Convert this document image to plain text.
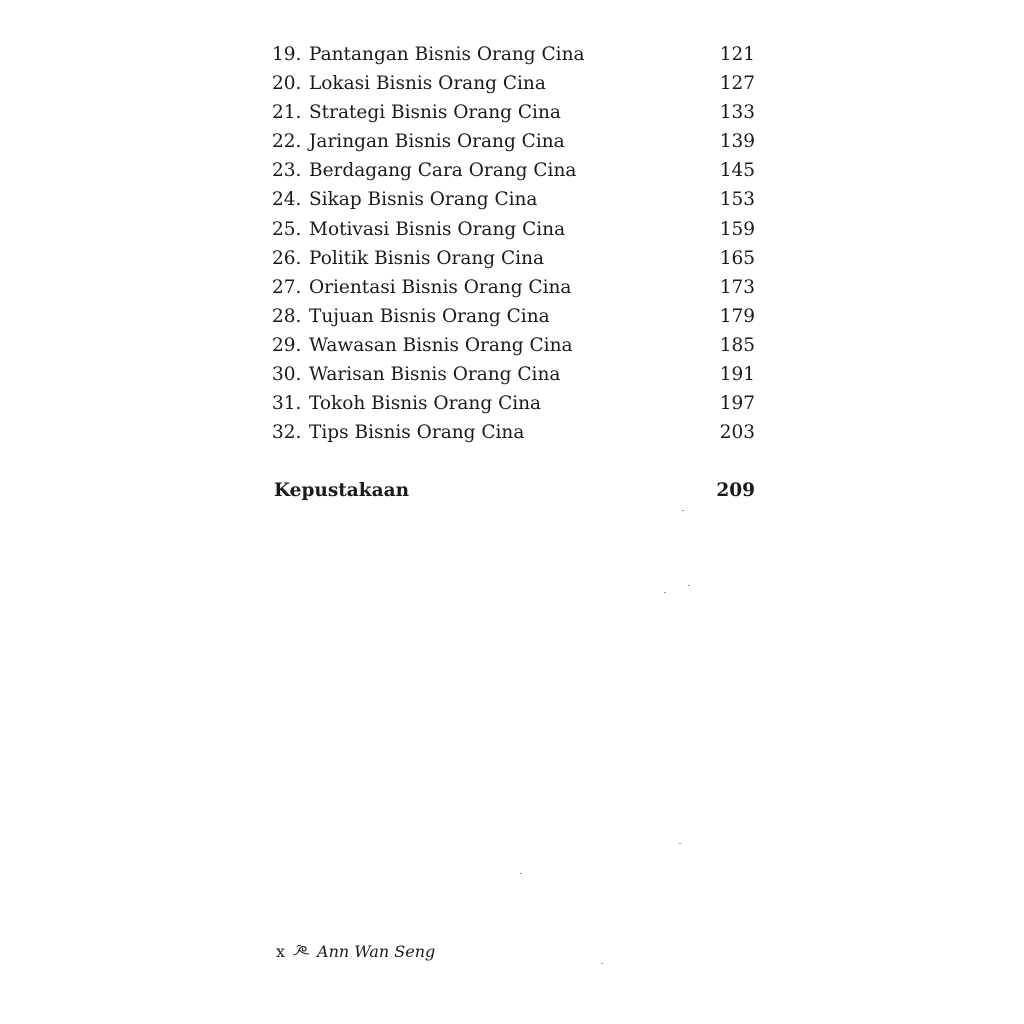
19. Pantangan Bisnis Orang Cina	121
20. Lokasi Bisnis Orang Cina	127
21. Strategi Bisnis Orang Cina	133
22. Jaringan Bisnis Orang Cina	139
23. Berdagang Cara Orang Cina	145
24. Sikap Bisnis Orang Cina	153
25. Motivasi Bisnis Orang Cina	159
26. Politik Bisnis Orang Cina	165
27. Orientasi Bisnis Orang Cina	173
28. Tujuan Bisnis Orang Cina	179
29. Wawasan Bisnis Orang Cina	185
30. Warisan Bisnis Orang Cina	191
31. Tokoh Bisnis Orang Cina	197
32. Tips Bisnis Orang Cina	203
Kepustakaan	209
x Ann Wan Seng
